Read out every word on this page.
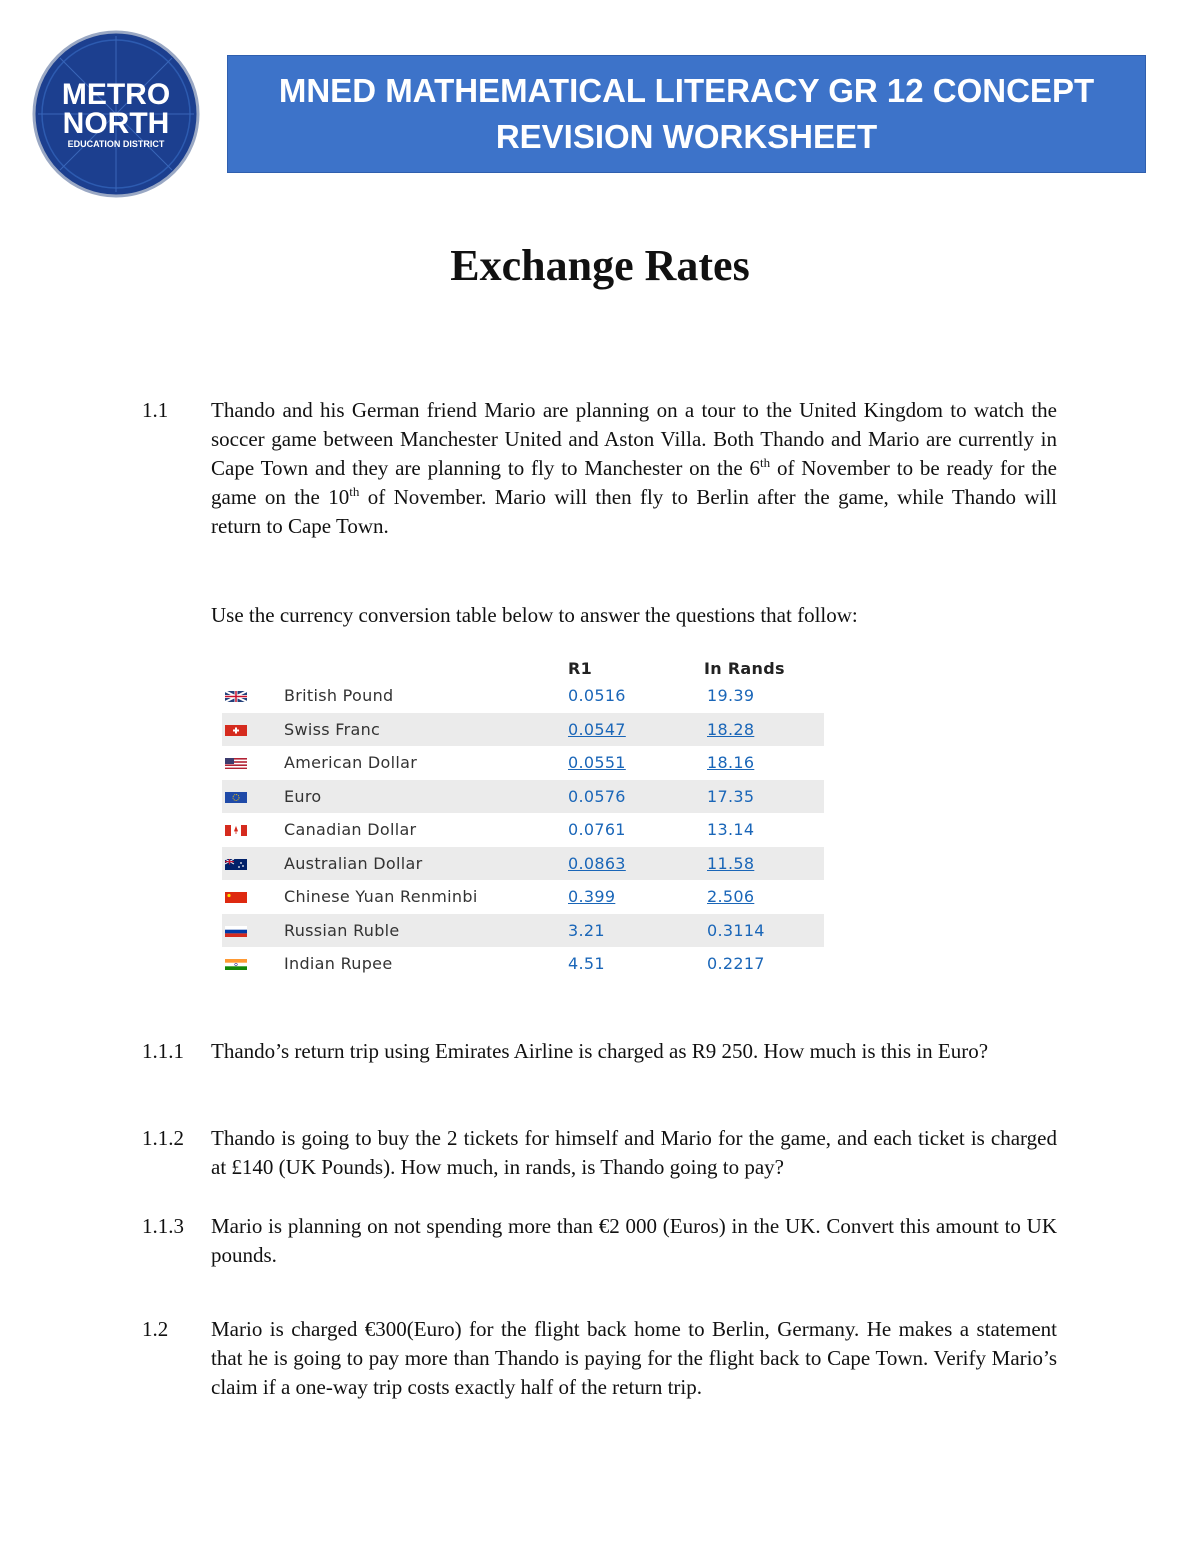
METRO
NORTH
EDUCATION DISTRICT
MNED MATHEMATICAL LITERACY GR 12 CONCEPT
REVISION WORKSHEET
Exchange Rates
1.1 Thando and his German friend Mario are planning on a tour to the United Kingdom to watch the soccer game between Manchester United and Aston Villa. Both Thando and Mario are currently in Cape Town and they are planning to fly to Manchester on the 6th of November to be ready for the game on the 10th of November. Mario will then fly to Berlin after the game, while Thando will return to Cape Town.
Use the currency conversion table below to answer the questions that follow:
R1	In Rands
British Pound	0.0516	19.39
Swiss Franc	0.0547	18.28
American Dollar	0.0551	18.16
Euro	0.0576	17.35
Canadian Dollar	0.0761	13.14
Australian Dollar	0.0863	11.58
Chinese Yuan Renminbi	0.399	2.506
Russian Ruble	3.21	0.3114
Indian Rupee	4.51	0.2217
1.1.1 Thando’s return trip using Emirates Airline is charged as R9 250. How much is this in Euro?
1.1.2 Thando is going to buy the 2 tickets for himself and Mario for the game, and each ticket is charged at £140 (UK Pounds). How much, in rands, is Thando going to pay?
1.1.3 Mario is planning on not spending more than €2 000 (Euros) in the UK. Convert this amount to UK pounds.
1.2 Mario is charged €300(Euro) for the flight back home to Berlin, Germany. He makes a statement that he is going to pay more than Thando is paying for the flight back to Cape Town. Verify Mario’s claim if a one-way trip costs exactly half of the return trip.
